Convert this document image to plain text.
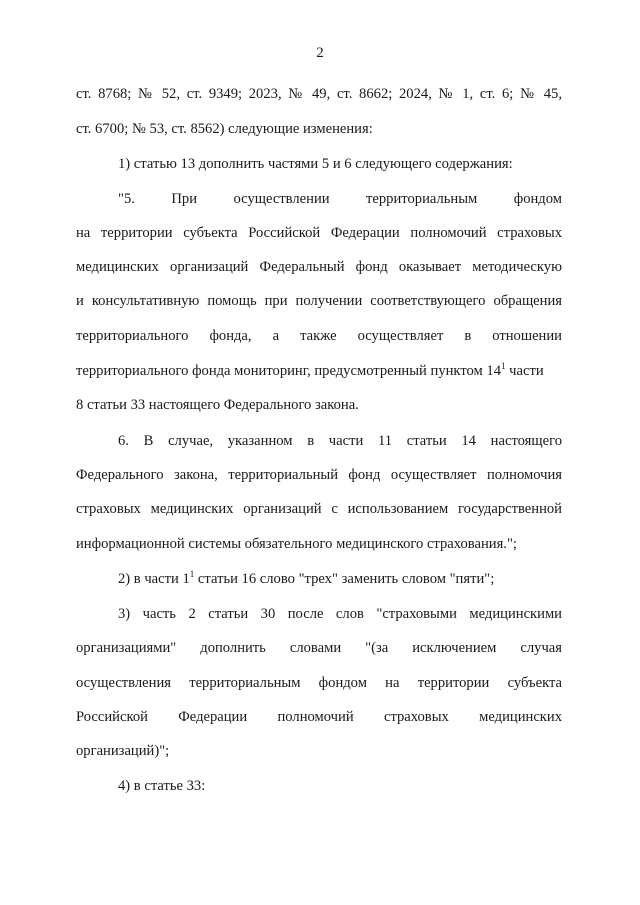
2
ст. 8768; № 52, ст. 9349; 2023, № 49, ст. 8662; 2024, № 1, ст. 6; № 45,
ст. 6700; № 53, ст. 8562) следующие изменения:
1) статью 13 дополнить частями 5 и 6 следующего содержания:
"5. При осуществлении территориальным фондом
на территории субъекта Российской Федерации полномочий страховых
медицинских организаций Федеральный фонд оказывает методическую
и консультативную помощь при получении соответствующего обращения
территориального фонда, а также осуществляет в отношении
территориального фонда мониторинг, предусмотренный пунктом $14^1$ части
8 статьи 33 настоящего Федерального закона.
6. В случае, указанном в части 11 статьи 14 настоящего
Федерального закона, территориальный фонд осуществляет полномочия
страховых медицинских организаций с использованием государственной
информационной системы обязательного медицинского страхования.";
2) в части $1^1$ статьи 16 слово "трех" заменить словом "пяти";
3) часть 2 статьи 30 после слов "страховыми медицинскими
организациями" дополнить словами "(за исключением случая
осуществления территориальным фондом на территории субъекта
Российской Федерации полномочий страховых медицинских
организаций)";
4) в статье 33:
